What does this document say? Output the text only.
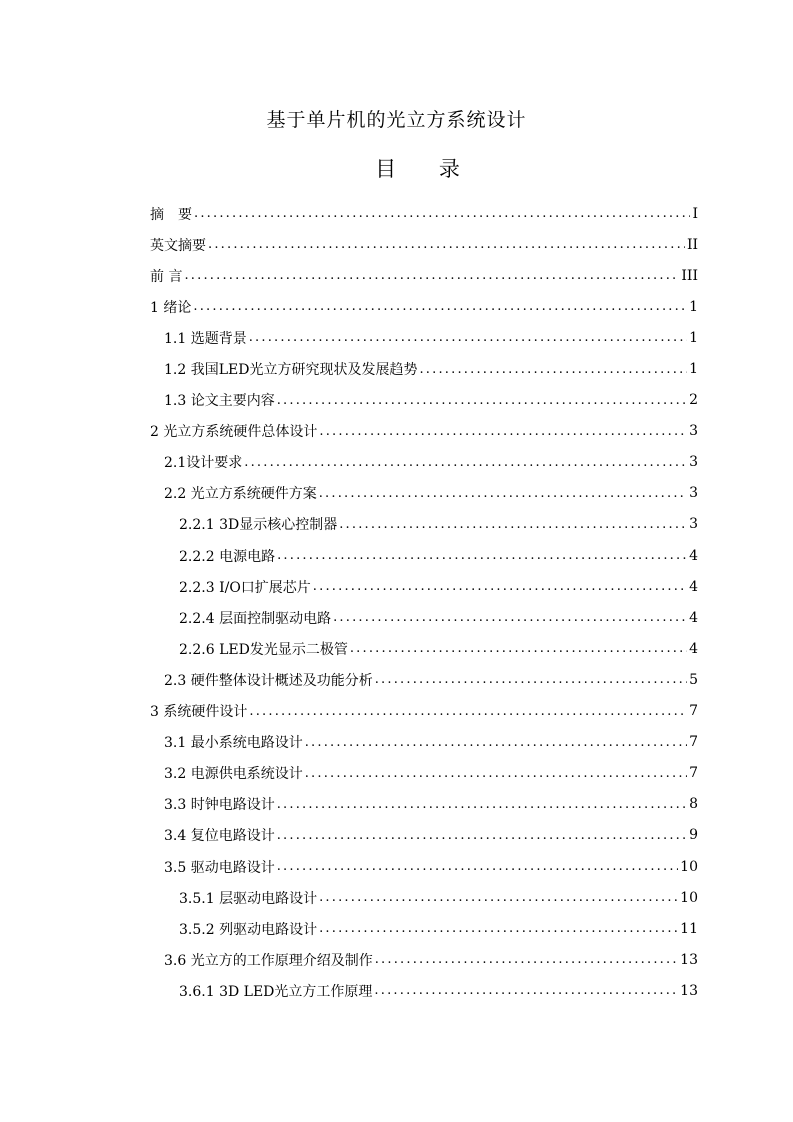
基于单片机的光立方系统设计
目 录
摘　要 .....	I
英文摘要 .....	II
前 言 .....	III
1 绪论 .....	1
1.1 选题背景 .....	1
1.2 我国LED光立方研究现状及发展趋势 .....	1
1.3 论文主要内容 .....	2
2 光立方系统硬件总体设计 .....	3
2.1设计要求 .....	3
2.2 光立方系统硬件方案 .....	3
2.2.1 3D显示核心控制器 .....	3
2.2.2 电源电路 .....	4
2.2.3 I/O口扩展芯片 .....	4
2.2.4 层面控制驱动电路 .....	4
2.2.6 LED发光显示二极管 .....	4
2.3 硬件整体设计概述及功能分析 .....	5
3 系统硬件设计 .....	7
3.1 最小系统电路设计 .....	7
3.2 电源供电系统设计 .....	7
3.3 时钟电路设计 .....	8
3.4 复位电路设计 .....	9
3.5 驱动电路设计 .....	10
3.5.1 层驱动电路设计 .....	10
3.5.2 列驱动电路设计 .....	11
3.6 光立方的工作原理介绍及制作 .....	13
3.6.1 3D LED光立方工作原理 .....	13
